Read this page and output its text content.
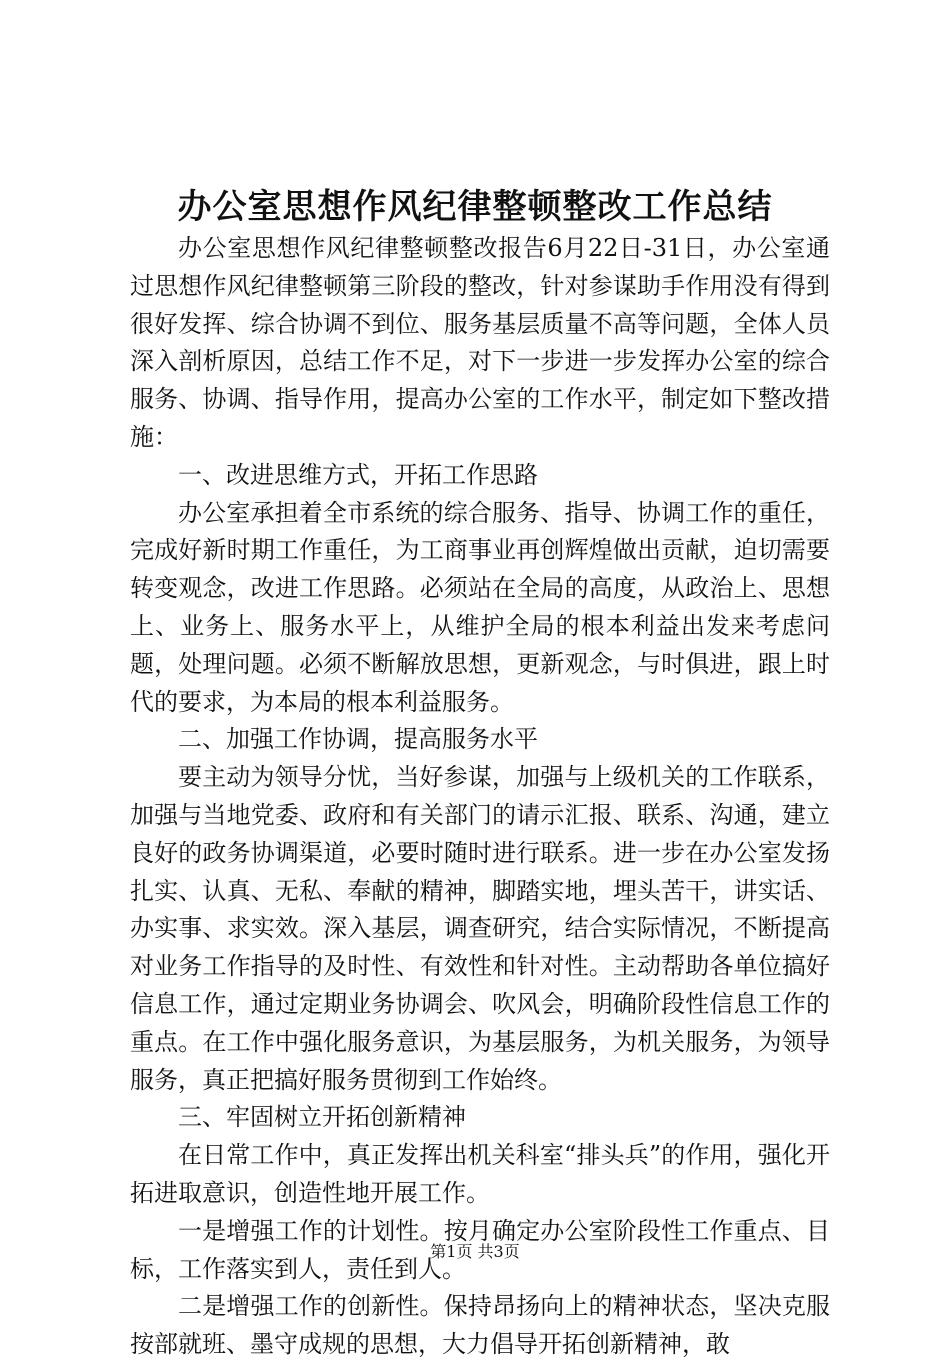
办公室思想作风纪律整顿整改工作总结

办公室思想作风纪律整顿整改报告6月22日-31日，办公室通过思想作风纪律整顿第三阶段的整改，针对参谋助手作用没有得到很好发挥、综合协调不到位、服务基层质量不高等问题，全体人员深入剖析原因，总结工作不足，对下一步进一步发挥办公室的综合服务、协调、指导作用，提高办公室的工作水平，制定如下整改措施：

一、改进思维方式，开拓工作思路

办公室承担着全市系统的综合服务、指导、协调工作的重任，完成好新时期工作重任，为工商事业再创辉煌做出贡献，迫切需要转变观念，改进工作思路。必须站在全局的高度，从政治上、思想上、业务上、服务水平上，从维护全局的根本利益出发来考虑问题，处理问题。必须不断解放思想，更新观念，与时俱进，跟上时代的要求，为本局的根本利益服务。

二、加强工作协调，提高服务水平

要主动为领导分忧，当好参谋，加强与上级机关的工作联系，加强与当地党委、政府和有关部门的请示汇报、联系、沟通，建立良好的政务协调渠道，必要时随时进行联系。进一步在办公室发扬扎实、认真、无私、奉献的精神，脚踏实地，埋头苦干，讲实话、办实事、求实效。深入基层，调查研究，结合实际情况，不断提高对业务工作指导的及时性、有效性和针对性。主动帮助各单位搞好信息工作，通过定期业务协调会、吹风会，明确阶段性信息工作的重点。在工作中强化服务意识，为基层服务，为机关服务，为领导服务，真正把搞好服务贯彻到工作始终。

三、牢固树立开拓创新精神

在日常工作中，真正发挥出机关科室“排头兵”的作用，强化开拓进取意识，创造性地开展工作。

一是增强工作的计划性。按月确定办公室阶段性工作重点、目标，工作落实到人，责任到人。

二是增强工作的创新性。保持昂扬向上的精神状态，坚决克服按部就班、墨守成规的思想，大力倡导开拓创新精神，敢

第1页 共3页
